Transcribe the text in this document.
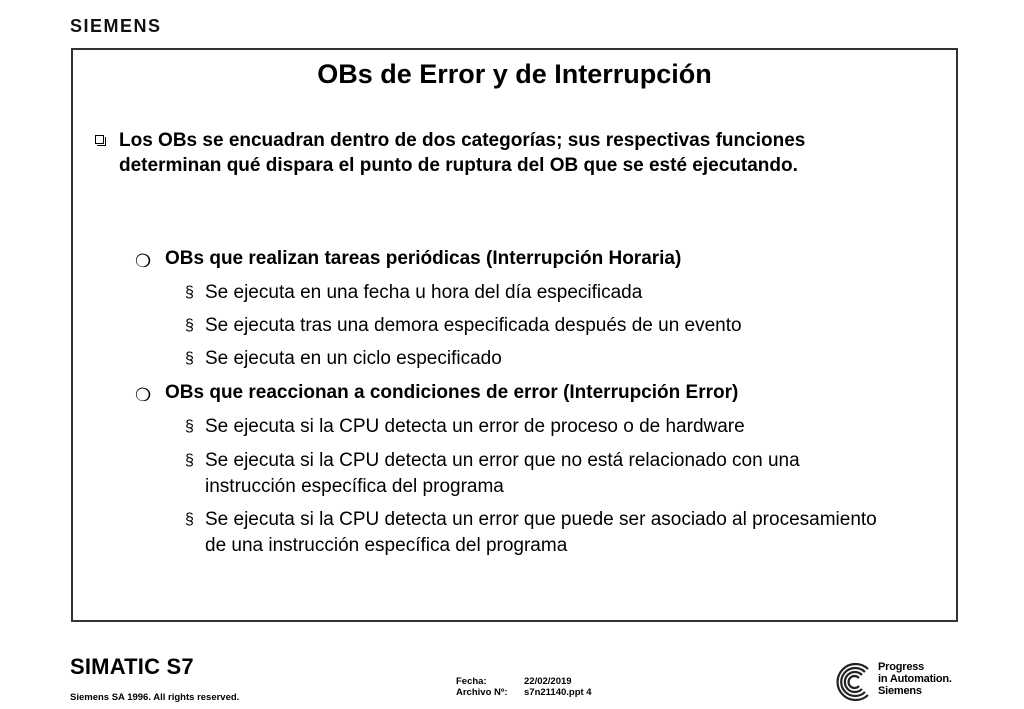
SIEMENS
OBs de Error y de Interrupción
Los OBs se encuadran dentro de dos categorías; sus respectivas funciones determinan qué dispara el punto de ruptura del OB que se esté ejecutando.
❍ OBs que realizan tareas periódicas (Interrupción Horaria)
§ Se ejecuta en una fecha u hora del día especificada
§ Se ejecuta tras una demora especificada después de un evento
§ Se ejecuta en un ciclo especificado
❍ OBs que reaccionan a condiciones de error (Interrupción Error)
§ Se ejecuta si la CPU detecta un error de proceso o de hardware
§ Se ejecuta si la CPU detecta un error que no está relacionado con una instrucción específica del programa
§ Se ejecuta si la CPU detecta un error que puede ser asociado al procesamiento de una instrucción específica del programa
SIMATIC S7
Siemens SA 1996. All rights reserved.
Fecha:	22/02/2019
Archivo Nº: s7n21140.ppt 4
Progress
in Automation.
Siemens
